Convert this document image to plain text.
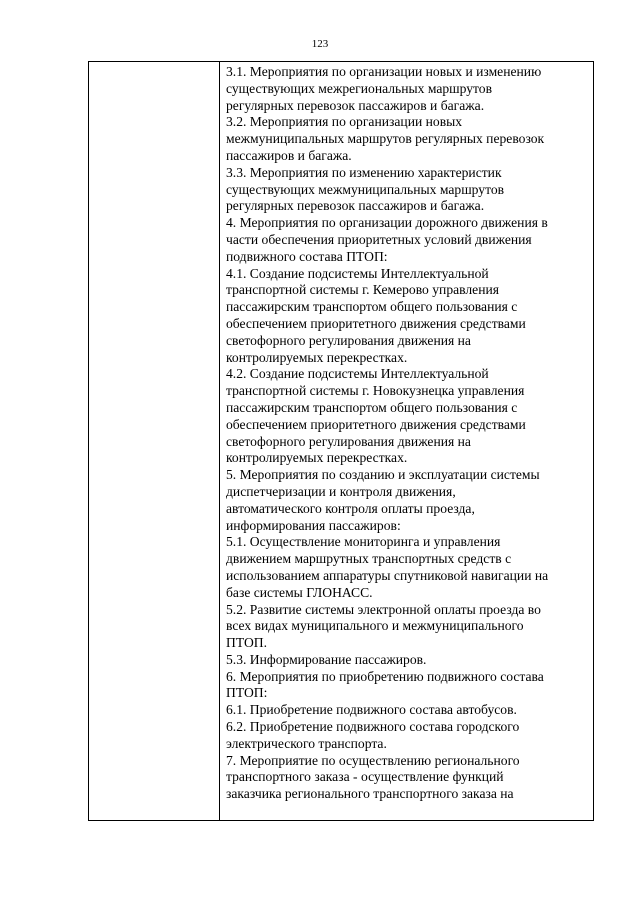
123
3.1. Мероприятия по организации новых и изменению
существующих межрегиональных маршрутов
регулярных перевозок пассажиров и багажа.
3.2. Мероприятия по организации новых
межмуниципальных маршрутов регулярных перевозок
пассажиров и багажа.
3.3. Мероприятия по изменению характеристик
существующих межмуниципальных маршрутов
регулярных перевозок пассажиров и багажа.
4. Мероприятия по организации дорожного движения в
части обеспечения приоритетных условий движения
подвижного состава ПТОП:
4.1. Создание подсистемы Интеллектуальной
транспортной системы г. Кемерово управления
пассажирским транспортом общего пользования с
обеспечением приоритетного движения средствами
светофорного регулирования движения на
контролируемых перекрестках.
4.2. Создание подсистемы Интеллектуальной
транспортной системы г. Новокузнецка управления
пассажирским транспортом общего пользования с
обеспечением приоритетного движения средствами
светофорного регулирования движения на
контролируемых перекрестках.
5. Мероприятия по созданию и эксплуатации системы
диспетчеризации и контроля движения,
автоматического контроля оплаты проезда,
информирования пассажиров:
5.1. Осуществление мониторинга и управления
движением маршрутных транспортных средств с
использованием аппаратуры спутниковой навигации на
базе системы ГЛОНАСС.
5.2. Развитие системы электронной оплаты проезда во
всех видах муниципального и межмуниципального
ПТОП.
5.3. Информирование пассажиров.
6. Мероприятия по приобретению подвижного состава
ПТОП:
6.1. Приобретение подвижного состава автобусов.
6.2. Приобретение подвижного состава городского
электрического транспорта.
7. Мероприятие по осуществлению регионального
транспортного заказа - осуществление функций
заказчика регионального транспортного заказа на
